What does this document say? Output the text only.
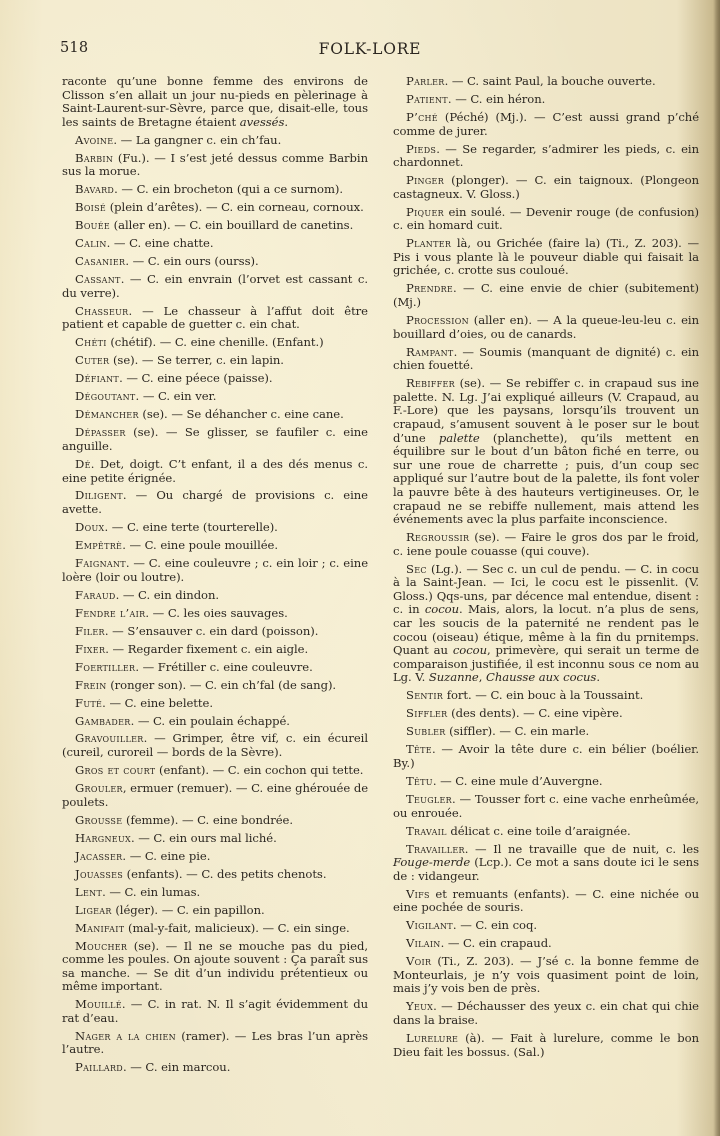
518	FOLK-LORE

raconte qu’une bonne femme des environs de Clisson s’en allait un jour nu-pieds en pèlerinage à Saint-Laurent-sur-Sèvre, parce que, disait-elle, tous les saints de Bretagne étaient avessés.

Avoine. — La gangner c. ein ch’fau.

Barbin (Fu.). — I s’est jeté dessus comme Barbin sus la morue.

Bavard. — C. ein brocheton (qui a ce surnom).

Boisé (plein d’arêtes). — C. ein corneau, cornoux.

Bouée (aller en). — C. ein bouillard de canetins.

Calin. — C. eine chatte.

Casanier. — C. ein ours (ourss).

Cassant. — C. ein envrain (l’orvet est cassant c. du verre).

Chasseur. — Le chasseur à l’affut doit être patient et capable de guetter c. ein chat.

Chéti (chétif). — C. eine chenille. (Enfant.)

Cuter (se). — Se terrer, c. ein lapin.

Défiant. — C. eine péece (paisse).

Dégoutant. — C. ein ver.

Démancher (se). — Se déhancher c. eine cane.

Dépasser (se). — Se glisser, se faufiler c. eine anguille.

Dé. Det, doigt. C’t enfant, il a des dés menus c. eine petite érignée.

Diligent. — Ou chargé de provisions c. eine avette.

Doux. — C. eine terte (tourterelle).

Empêtrè. — C. eine poule mouillée.

Faignant. — C. eine couleuvre ; c. ein loir ; c. eine loère (loir ou loutre).

Faraud. — C. ein dindon.

Fendre l’air. — C. les oies sauvages.

Filer. — S’ensauver c. ein dard (poisson).

Fixer. — Regarder fixement c. ein aigle.

Foertiller. — Frétiller c. eine couleuvre.

Frein (ronger son). — C. ein ch’fal (de sang).

Futé. — C. eine belette.

Gambader. — C. ein poulain échappé.

Gravouiller. — Grimper, être vif, c. ein écureil (cureil, curoreil — bords de la Sèvre).

Gros et court (enfant). — C. ein cochon qui tette.

Grouler, ermuer (remuer). — C. eine ghérouée de poulets.

Grousse (femme). — C. eine bondrée.

Hargneux. — C. ein ours mal liché.

Jacasser. — C. eine pie.

Jouasses (enfants). — C. des petits chenots.

Lent. — C. ein lumas.

Ligear (léger). — C. ein papillon.

Manifait (mal-y-fait, malicieux). — C. ein singe.

Moucher (se). — Il ne se mouche pas du pied, comme les poules. On ajoute souvent : Ça paraît sus sa manche. — Se dit d’un individu prétentieux ou même important.

Mouillé. — C. in rat. N. Il s’agit évidemment du rat d’eau.

Nager a la chien (ramer). — Les bras l’un après l’autre.

Paillard. — C. ein marcou.

Parler. — C. saint Paul, la bouche ouverte.

Patient. — C. ein héron.

P’ché (Péché) (Mj.). — C’est aussi grand p’ché comme de jurer.

Pieds. — Se regarder, s’admirer les pieds, c. ein chardonnet.

Pinger (plonger). — C. ein taignoux. (Plongeon castagneux. V. Gloss.)

Piquer ein soulé. — Devenir rouge (de confusion) c. ein homard cuit.

Planter là, ou Grichée (faire la) (Ti., Z. 203). — Pis i vous plante là le pouveur diable qui faisait la grichée, c. crotte sus couloué.

Prendre. — C. eine envie de chier (subitement) (Mj.)

Procession (aller en). — A la queue-leu-leu c. ein bouillard d’oies, ou de canards.

Rampant. — Soumis (manquant de dignité) c. ein chien fouetté.

Rebiffer (se). — Se rebiffer c. in crapaud sus ine palette. N. Lg. J’ai expliqué ailleurs (V. Crapaud, au F.-Lore) que les paysans, lorsqu’ils trouvent un crapaud, s’amusent souvent à le poser sur le bout d’une palette (planchette), qu’ils mettent en équilibre sur le bout d’un bâton fiché en terre, ou sur une roue de charrette ; puis, d’un coup sec appliqué sur l’autre bout de la palette, ils font voler la pauvre bête à des hauteurs vertigineuses. Or, le crapaud ne se rebiffe nullement, mais attend les événements avec la plus parfaite inconscience.

Regroussir (se). — Faire le gros dos par le froid, c. iene poule couasse (qui couve).

Sec (Lg.). — Sec c. un cul de pendu. — C. in cocu à la Saint-Jean. — Ici, le cocu est le pissenlit. (V. Gloss.) Qqs-uns, par décence mal entendue, disent : c. in cocou. Mais, alors, la locut. n’a plus de sens, car les soucis de la paternité ne rendent pas le cocou (oiseau) étique, même à la fin du prnitemps. Quant au cocou, primevère, qui serait un terme de comparaison justifiée, il est inconnu sous ce nom au Lg. V. Suzanne, Chausse aux cocus.

Sentir fort. — C. ein bouc à la Toussaint.

Siffler (des dents). — C. eine vipère.

Subler (siffler). — C. ein marle.

Tête. — Avoir la tête dure c. ein bélier (boélier. By.)

Têtu. — C. eine mule d’Auvergne.

Teugler. — Tousser fort c. eine vache enrheûmée, ou enrouée.

Travail délicat c. eine toile d’araignée.

Travailler. — Il ne travaille que de nuit, c. les Fouge-merde (Lcp.). Ce mot a sans doute ici le sens de : vidangeur.

Vifs et remuants (enfants). — C. eine nichée ou eine pochée de souris.

Vigilant. — C. ein coq.

Vilain. — C. ein crapaud.

Voir (Ti., Z. 203). — J’sé c. la bonne femme de Monteurlais, je n’y vois quasiment point de loin, mais j’y vois ben de près.

Yeux. — Déchausser des yeux c. ein chat qui chie dans la braise.

Lurelure (à). — Fait à lurelure, comme le bon Dieu fait les bossus. (Sal.)
